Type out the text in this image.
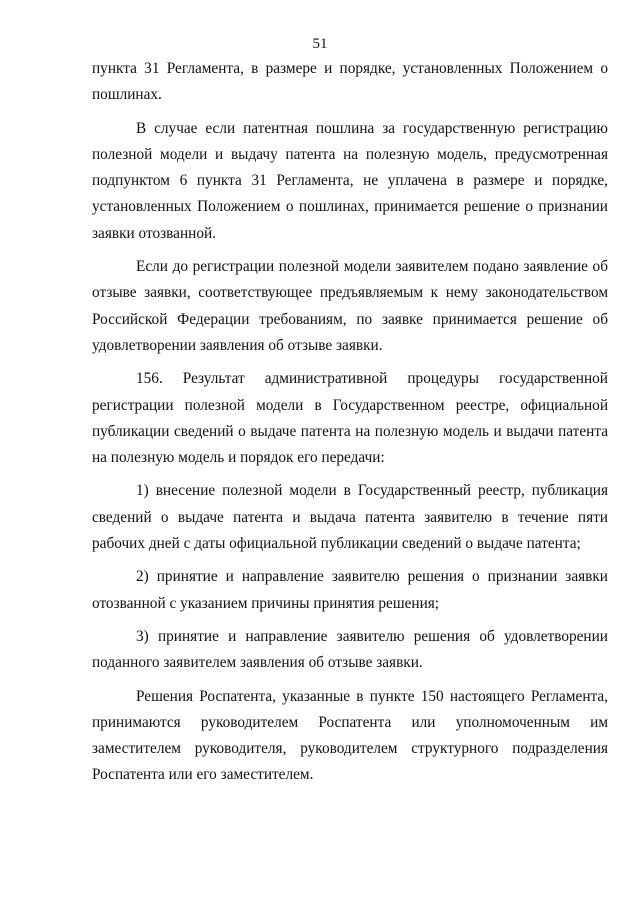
51

пункта 31 Регламента, в размере и порядке, установленных Положением о пошлинах.

В случае если патентная пошлина за государственную регистрацию полезной модели и выдачу патента на полезную модель, предусмотренная подпунктом 6 пункта 31 Регламента, не уплачена в размере и порядке, установленных Положением о пошлинах, принимается решение о признании заявки отозванной.

Если до регистрации полезной модели заявителем подано заявление об отзыве заявки, соответствующее предъявляемым к нему законодательством Российской Федерации требованиям, по заявке принимается решение об удовлетворении заявления об отзыве заявки.

156. Результат административной процедуры государственной регистрации полезной модели в Государственном реестре, официальной публикации сведений о выдаче патента на полезную модель и выдачи патента на полезную модель и порядок его передачи:

1) внесение полезной модели в Государственный реестр, публикация сведений о выдаче патента и выдача патента заявителю в течение пяти рабочих дней с даты официальной публикации сведений о выдаче патента;

2) принятие и направление заявителю решения о признании заявки отозванной с указанием причины принятия решения;

3) принятие и направление заявителю решения об удовлетворении поданного заявителем заявления об отзыве заявки.

Решения Роспатента, указанные в пункте 150 настоящего Регламента, принимаются руководителем Роспатента или уполномоченным им заместителем руководителя, руководителем структурного подразделения Роспатента или его заместителем.
